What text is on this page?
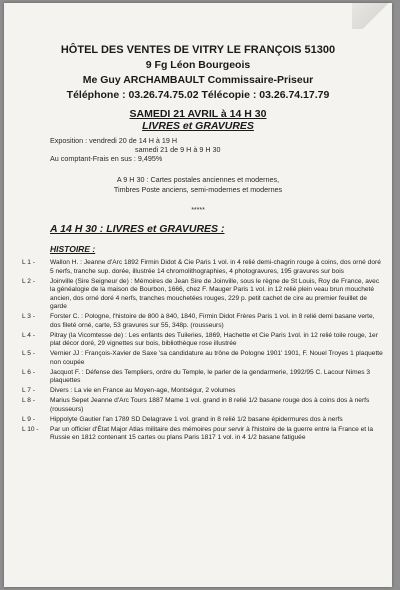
HÔTEL DES VENTES DE VITRY LE FRANÇOIS 51300
9 Fg Léon Bourgeois
Me Guy ARCHAMBAULT Commissaire-Priseur
Téléphone : 03.26.74.75.02 Télécopie : 03.26.74.17.79
SAMEDI 21 AVRIL à 14 H 30
LIVRES et GRAVURES
Exposition : vendredi 20 de 14 H à 19 H
samedi 21 de 9 H à 9 H 30
Au comptant-Frais en sus : 9,495%
A 9 H 30 : Cartes postales anciennes et modernes,
Timbres Poste anciens, semi-modernes et modernes
*****
A 14 H 30 : LIVRES et GRAVURES :
HISTOIRE :
L 1 -	Wallon H. : Jeanne d'Arc 1892 Firmin Didot & Cie Paris 1 vol. in 4 relié demi-chagrin rouge à coins, dos orné doré 5 nerfs, tranche sup. dorée, illustrée 14 chromolithographies, 4 photogravures, 195 gravures sur bois
L 2 -	Joinville (Sire Seigneur de) : Mémoires de Jean Sire de Joinville, sous le règne de St Louis, Roy de France, avec la généalogie de la maison de Bourbon, 1666, chez F. Mauger Paris 1 vol. in 12 relié plein veau brun moucheté ancien, dos orné doré 4 nerfs, tranches mouchetées rouges, 229 p. petit cachet de cire au premier feuillet de garde
L 3 -	Forster C. : Pologne, l'histoire de 800 à 840, 1840, Firmin Didot Frères Paris 1 vol. in 8 relié demi basane verte, dos fileté orné, carte, 53 gravures sur 55, 348p. (rousseurs)
L 4 -	Pitray (la Vicomtesse de) : Les enfants des Tuileries, 1869, Hachette et Cie Paris 1vol. in 12 relié toile rouge, 1er plat décor doré, 29 vignettes sur bois, bibliothèque rose illustrée
L 5 -	Vernier JJ : François-Xavier de Saxe 'sa candidature au trône de Pologne 1901' 1901, F. Nouel Troyes 1 plaquette non coupée
L 6 -	Jacquot F. : Défense des Templiers, ordre du Temple, le parler de la gendarmerie, 1992/95 C. Lacour Nimes 3 plaquettes
L 7 -	Divers : La vie en France au Moyen-age, Montségur, 2 volumes
L 8 -	Marius Sepet Jeanne d'Arc Tours 1887 Mame 1 vol. grand in 8 relié 1/2 basane rouge dos à coins dos à nerfs (rousseurs)
L 9 -	Hippolyte Gautier l'an 1789 SD Delagrave 1 vol. grand in 8 relié 1/2 basane épidermures dos à nerfs
L 10 -	Par un officier d'État Major Atlas militaire des mémoires pour servir à l'histoire de la guerre entre la France et la Russie en 1812 contenant 15 cartes ou plans Paris 1817 1 vol. in 4 1/2 basane fatiguée
